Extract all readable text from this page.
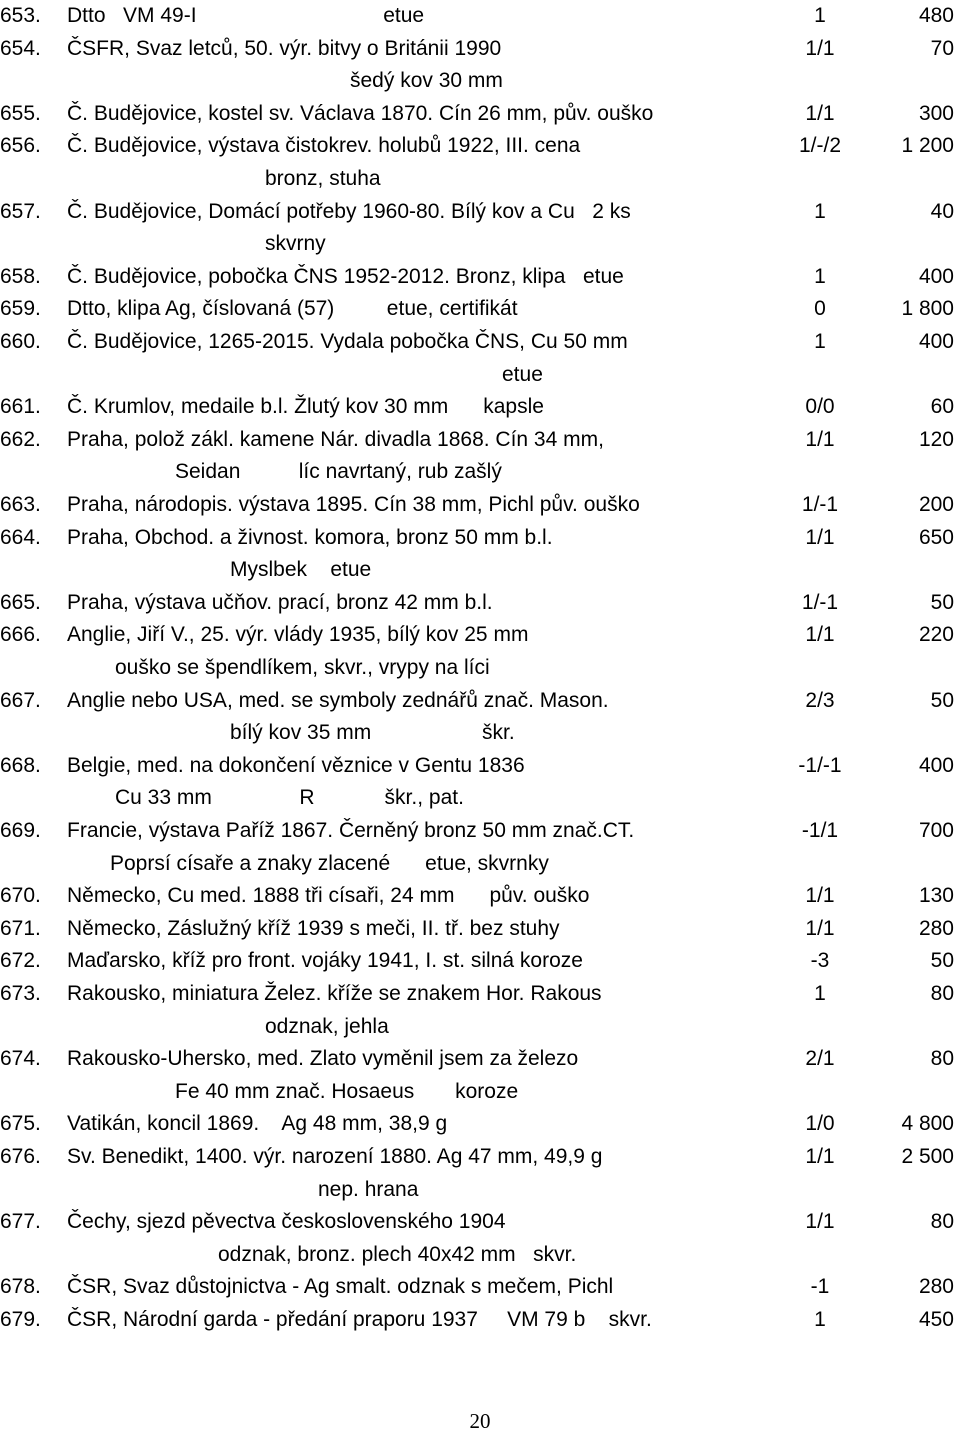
20
653. Dtto   VM 49-I                                etue	1	480
654. ČSFR, Svaz letců, 50. výr. bitvy o Británii 1990	1/1	70
šedý kov 30 mm
655. Č. Budějovice, kostel sv. Václava 1870. Cín 26 mm, pův. ouško	1/1	300
656. Č. Budějovice, výstava čistokrev. holubů 1922, III. cena	1/-/2	1 200
bronz, stuha
657. Č. Budějovice, Domácí potřeby 1960-80. Bílý kov a Cu   2 ks	1	40
skvrny
658. Č. Budějovice, pobočka ČNS 1952-2012. Bronz, klipa   etue	1	400
659. Dtto, klipa Ag, číslovaná (57)         etue, certifikát	0	1 800
660. Č. Budějovice, 1265-2015. Vydala pobočka ČNS, Cu 50 mm	1	400
etue
661. Č. Krumlov, medaile b.l. Žlutý kov 30 mm      kapsle	0/0	60
662. Praha, polož zákl. kamene Nár. divadla 1868. Cín 34 mm,	1/1	120
Seidan          líc navrtaný, rub zašlý
663. Praha, národopis. výstava 1895. Cín 38 mm, Pichl pův. ouško	1/-1	200
664. Praha, Obchod. a živnost. komora, bronz 50 mm b.l.	1/1	650
Myslbek    etue
665. Praha, výstava učňov. prací, bronz 42 mm b.l.	1/-1	50
666. Anglie, Jiří V., 25. výr. vlády 1935, bílý kov 25 mm	1/1	220
ouško se špendlíkem, skvr., vrypy na líci
667. Anglie nebo USA, med. se symboly zednářů znač. Mason.	2/3	50
bílý kov 35 mm                   škr.
668. Belgie, med. na dokončení věznice v Gentu 1836	-1/-1	400
Cu 33 mm               R            škr., pat.
669. Francie, výstava Paříž 1867. Černěný bronz 50 mm znač.CT.	-1/1	700
Poprsí císaře a znaky zlacené      etue, skvrnky
670. Německo, Cu med. 1888 tři císaři, 24 mm      pův. ouško	1/1	130
671. Německo, Záslužný kříž 1939 s meči, II. tř. bez stuhy	1/1	280
672. Maďarsko, kříž pro front. vojáky 1941, I. st. silná koroze	-3	50
673. Rakousko, miniatura Želez. kříže se znakem Hor. Rakous	1	80
odznak, jehla
674. Rakousko-Uhersko, med. Zlato vyměnil jsem za železo	2/1	80
Fe 40 mm znač. Hosaeus       koroze
675. Vatikán, koncil 1869.    Ag 48 mm, 38,9 g	1/0	4 800
676. Sv. Benedikt, 1400. výr. narození 1880. Ag 47 mm, 49,9 g	1/1	2 500
nep. hrana
677. Čechy, sjezd pěvectva československého 1904	1/1	80
odznak, bronz. plech 40x42 mm   skvr.
678. ČSR, Svaz důstojnictva - Ag smalt. odznak s mečem, Pichl	-1	280
679. ČSR, Národní garda - předání praporu 1937     VM 79 b    skvr.	1	450
